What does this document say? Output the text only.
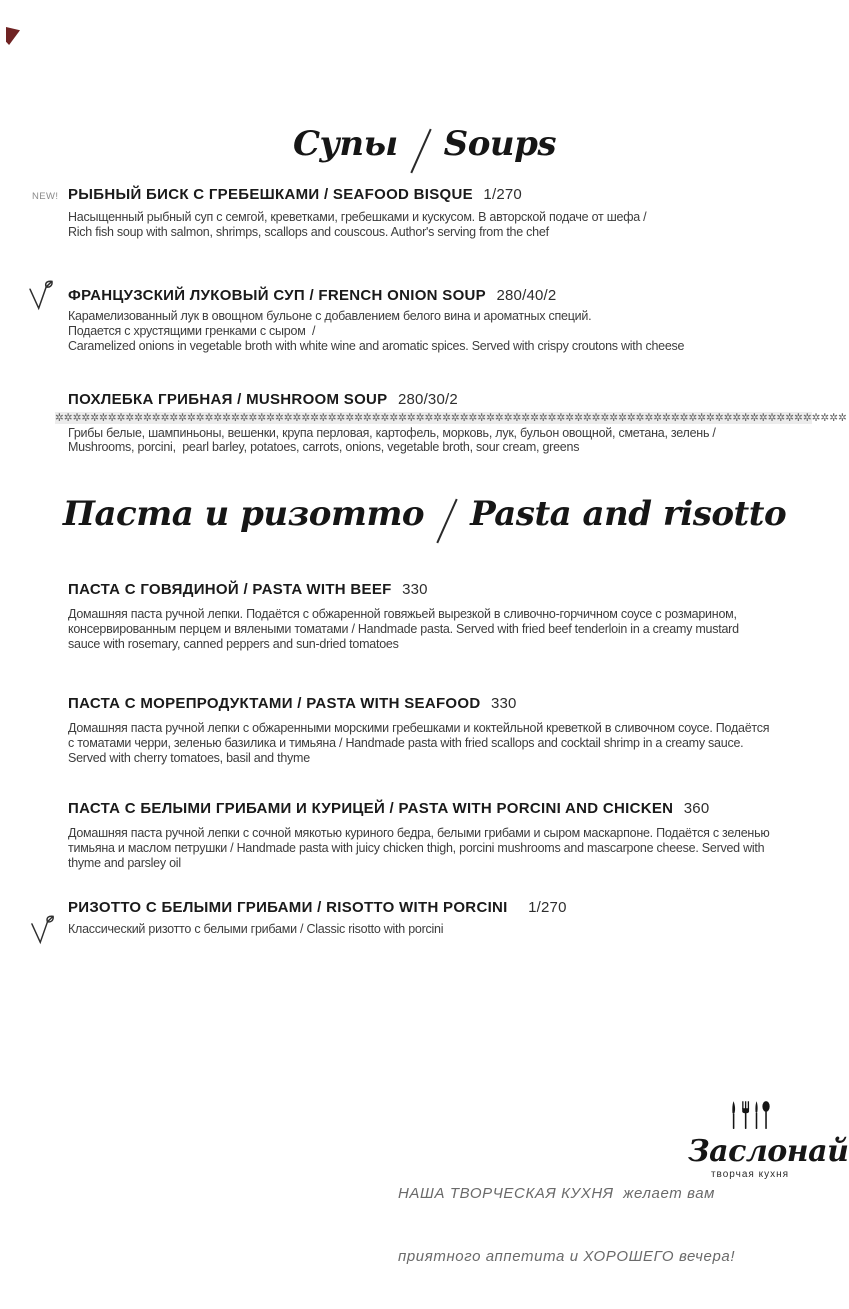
Супы Soups
NEW! РЫБНЫЙ БИСК С ГРЕБЕШКАМИ / SEAFOOD BISQUE 1/270
Насыщенный рыбный суп с семгой, креветками, гребешками и кускусом. В авторской подаче от шефа /
Rich fish soup with salmon, shrimps, scallops and couscous. Author's serving from the chef
ФРАНЦУЗСКИЙ ЛУКОВЫЙ СУП / FRENCH ONION SOUP 280/40/2
Карамелизованный лук в овощном бульоне с добавлением белого вина и ароматных специй.
Подается с хрустящими гренками с сыром  /
Caramelized onions in vegetable broth with white wine and aromatic spices. Served with crispy croutons with cheese
ПОХЛЕБКА ГРИБНАЯ / MUSHROOM SOUP 280/30/2
✲✲✲✲✲✲✲✲✲✲✲✲✲✲✲✲✲✲✲✲✲✲✲✲✲✲✲✲✲✲✲✲✲✲✲✲✲✲✲✲✲✲✲✲✲✲✲✲✲✲✲✲✲✲✲✲✲✲✲✲✲✲✲✲✲✲✲✲✲✲✲✲✲✲✲✲✲✲✲✲✲✲✲✲✲✲✲✲✲✲
Грибы белые, шампиньоны, вешенки, крупа перловая, картофель, морковь, лук, бульон овощной, сметана, зелень /
Mushrooms, porcini,  pearl barley, potatoes, carrots, onions, vegetable broth, sour cream, greens
Паста и ризотто Pasta and risotto
ПАСТА С ГОВЯДИНОЙ / PASTA WITH BEEF 330
Домашняя паста ручной лепки. Подаётся с обжаренной говяжьей вырезкой в сливочно-горчичном соусе с розмарином,
консервированным перцем и вялеными томатами / Handmade pasta. Served with fried beef tenderloin in a creamy mustard
sauce with rosemary, canned peppers and sun-dried tomatoes
ПАСТА С МОРЕПРОДУКТАМИ / PASTA WITH SEAFOOD 330
Домашняя паста ручной лепки с обжаренными морскими гребешками и коктейльной креветкой в сливочном соусе. Подаётся
с томатами черри, зеленью базилика и тимьяна / Handmade pasta with fried scallops and cocktail shrimp in a creamy sauce.
Served with cherry tomatoes, basil and thyme
ПАСТА С БЕЛЫМИ ГРИБАМИ И КУРИЦЕЙ / PASTA WITH PORCINI AND CHICKEN 360
Домашняя паста ручной лепки с сочной мякотью куриного бедра, белыми грибами и сыром маскарпоне. Подаётся с зеленью
тимьяна и маслом петрушки / Handmade pasta with juicy chicken thigh, porcini mushrooms and mascarpone cheese. Served with
thyme and parsley oil
РИЗОТТО С БЕЛЫМИ ГРИБАМИ / RISOTTO WITH PORCINI 1/270
Классический ризотто с белыми грибами / Classic risotto with porcini

НАША ТВОРЧЕСКАЯ КУХНЯ  желает вам

приятного аппетита и ХОРОШЕГО вечера!

Заслонай
творчая кухня
